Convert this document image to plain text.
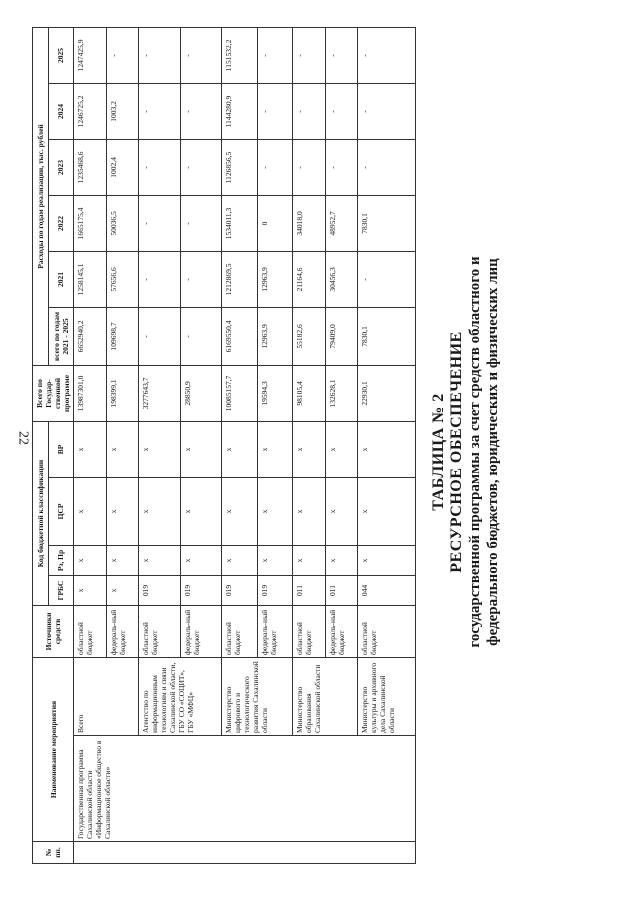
22	ТАБЛИЦА № 2 РЕСУРСНОЕ ОБЕСПЕЧЕНИЕ государственной программы за счет средств областного и федерального бюджетов, юридических и физических лиц
№ пп.	Наименование мероприятия		Источники средств	Код бюджетной классификации				Всего по Государ-ственной программе	Расходы по годам реализации, тыс. рублей					
				ГРБС	Рз, Пр	ЦСР	ВР		всего по годам 2021 - 2025	2021	2022	2023	2024	2025
	Государственная программа Сахалинской области «Информационное общество в Сахалинской области»	Всего	областной бюджет	x	x	x	x	13987301,0	6652940,2	1258145,1	1665175,4	1235468,6	1246725,2	1247425,9
			федераль-ный бюджет	x	x	x	x	198399,1	109698,7	57656,6	50036,5	1002,4	1003,2	-
		Агентство по информационным технологиям и связи Сахалинской области, ГБУ СО «СОЦИТ», ГБУ «МФЦ»	областной бюджет	019	x	x	x	3277643,7	-	-	-	-	-	-
			федераль-ный бюджет	019	x	x	x	28850,9	-	-	-	-	-	-
		Министерство цифрового и технологического развития Сахалинской области	областной бюджет	019	x	x	x	10085157,7	6169550,4	1212869,5	1534011,3	1126856,5	1144280,9	1151532,2
			федераль-ный бюджет	019	x	x	x	19594,3	12963,9	12963,9	0	-	-	-
		Министерство образования Сахалинской области	областной бюджет	011	x	x	x	98105,4	55182,6	21164,6	34018,0	-	-	-
			федераль-ный бюджет	011	x	x	x	132628,1	79409,0	30456,3	48952,7	-	-	-
		Министерство культуры и архивного дела Сахалинской области	областной бюджет	044	x	x	x	22930,1	7830,1	-	7830,1	-	-	-
